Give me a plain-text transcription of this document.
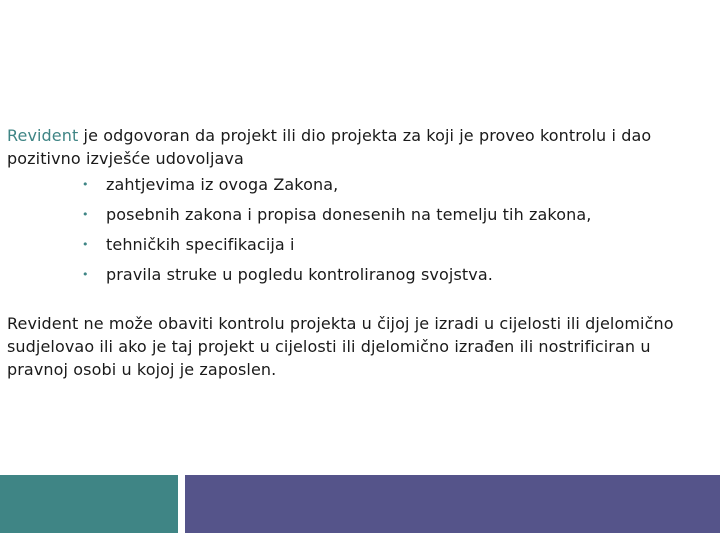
Revident je odgovoran da projekt ili dio projekta za koji je proveo kontrolu i dao pozitivno izvješće udovoljava

• zahtjevima iz ovoga Zakona,
• posebnih zakona i propisa donesenih na temelju tih zakona,
• tehničkih specifikacija i
• pravila struke u pogledu kontroliranog svojstva.

Revident ne može obaviti kontrolu projekta u čijoj je izradi u cijelosti ili djelomično sudjelovao ili ako je taj projekt u cijelosti ili djelomično izrađen ili nostrificiran u pravnoj osobi u kojoj je zaposlen.
